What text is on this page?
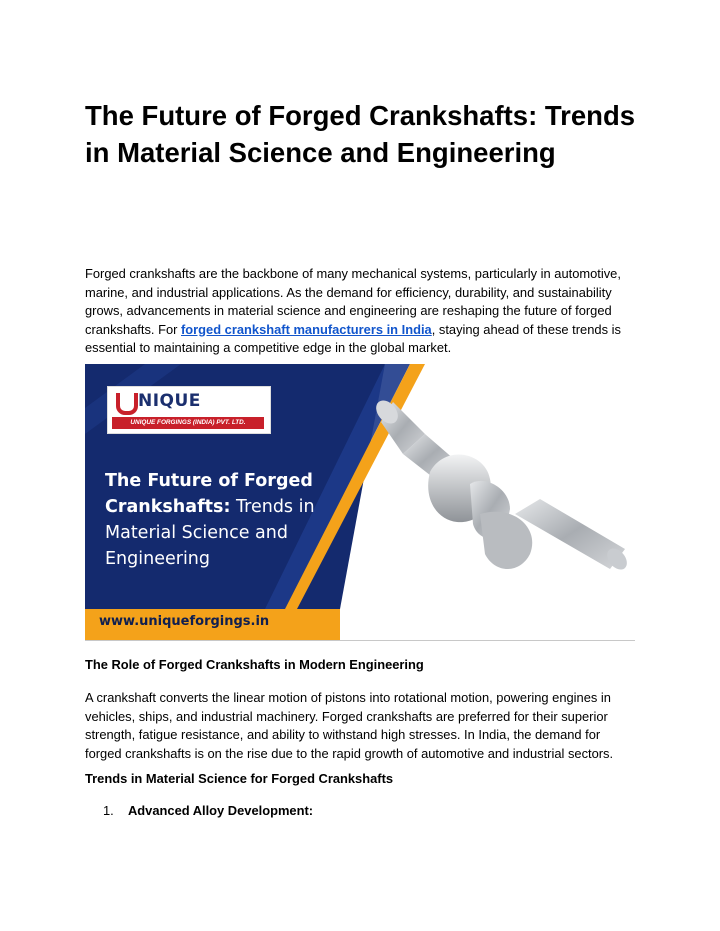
The Future of Forged Crankshafts: Trends in Material Science and Engineering

Forged crankshafts are the backbone of many mechanical systems, particularly in automotive, marine, and industrial applications. As the demand for efficiency, durability, and sustainability grows, advancements in material science and engineering are reshaping the future of forged crankshafts. For forged crankshaft manufacturers in India, staying ahead of these trends is essential to maintaining a competitive edge in the global market.

NIQUE
UNIQUE FORGINGS (INDIA) PVT. LTD.
The Future of Forged
Crankshafts: Trends in
Material Science and
Engineering
www.uniqueforgings.in
The Role of Forged Crankshafts in Modern Engineering

A crankshaft converts the linear motion of pistons into rotational motion, powering engines in vehicles, ships, and industrial machinery. Forged crankshafts are preferred for their superior strength, fatigue resistance, and ability to withstand high stresses. In India, the demand for forged crankshafts is on the rise due to the rapid growth of automotive and industrial sectors.

Trends in Material Science for Forged Crankshafts
1. Advanced Alloy Development:
